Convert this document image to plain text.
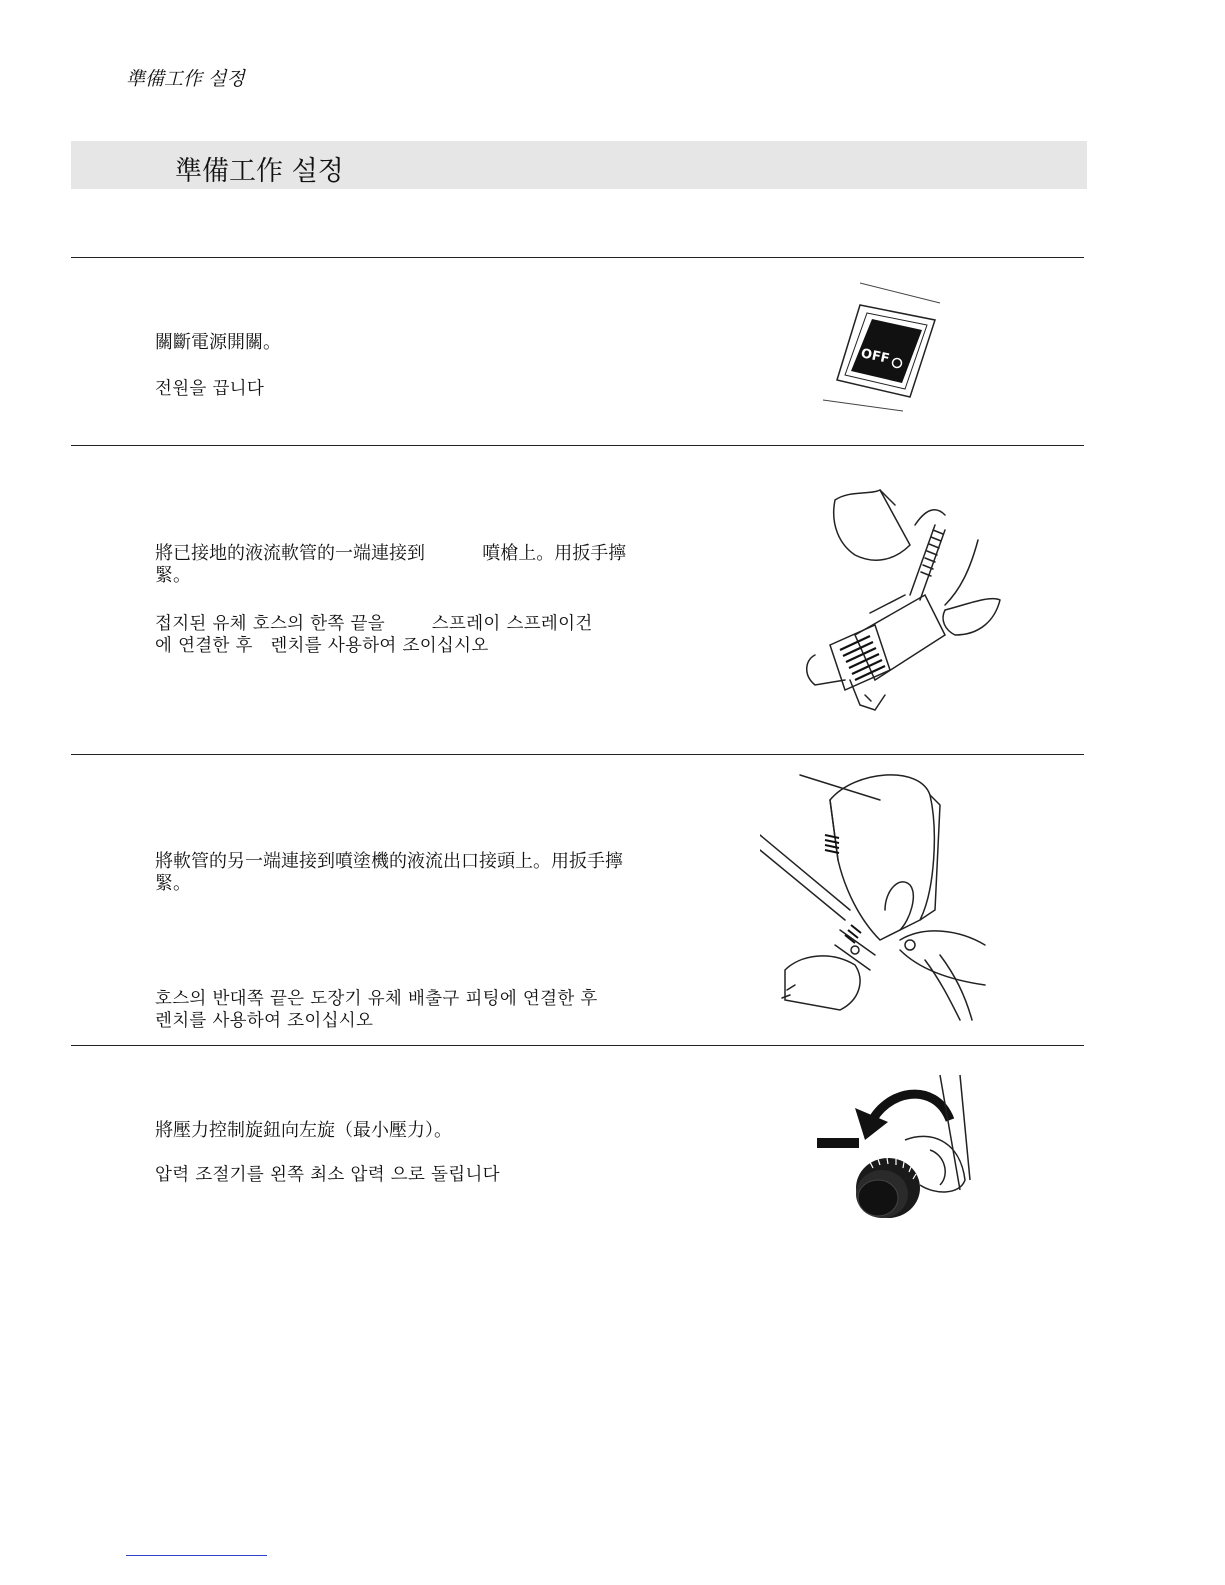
準備工作 설정
準備工作 설정
關斷電源開關。
전원을 끕니다
OFF
將已接地的液流軟管的一端連接到          噴槍上。用扳手擰
緊。
접지된 유체 호스의 한쪽 끝을        스프레이 스프레이건
에 연결한 후   렌치를 사용하여 조이십시오
將軟管的另一端連接到噴塗機的液流出口接頭上。用扳手擰
緊。
호스의 반대쪽 끝은 도장기 유체 배출구 피팅에 연결한 후
렌치를 사용하여 조이십시오
將壓力控制旋鈕向左旋（最小壓力）。
압력 조절기를 왼쪽 최소 압력 으로 돌립니다
